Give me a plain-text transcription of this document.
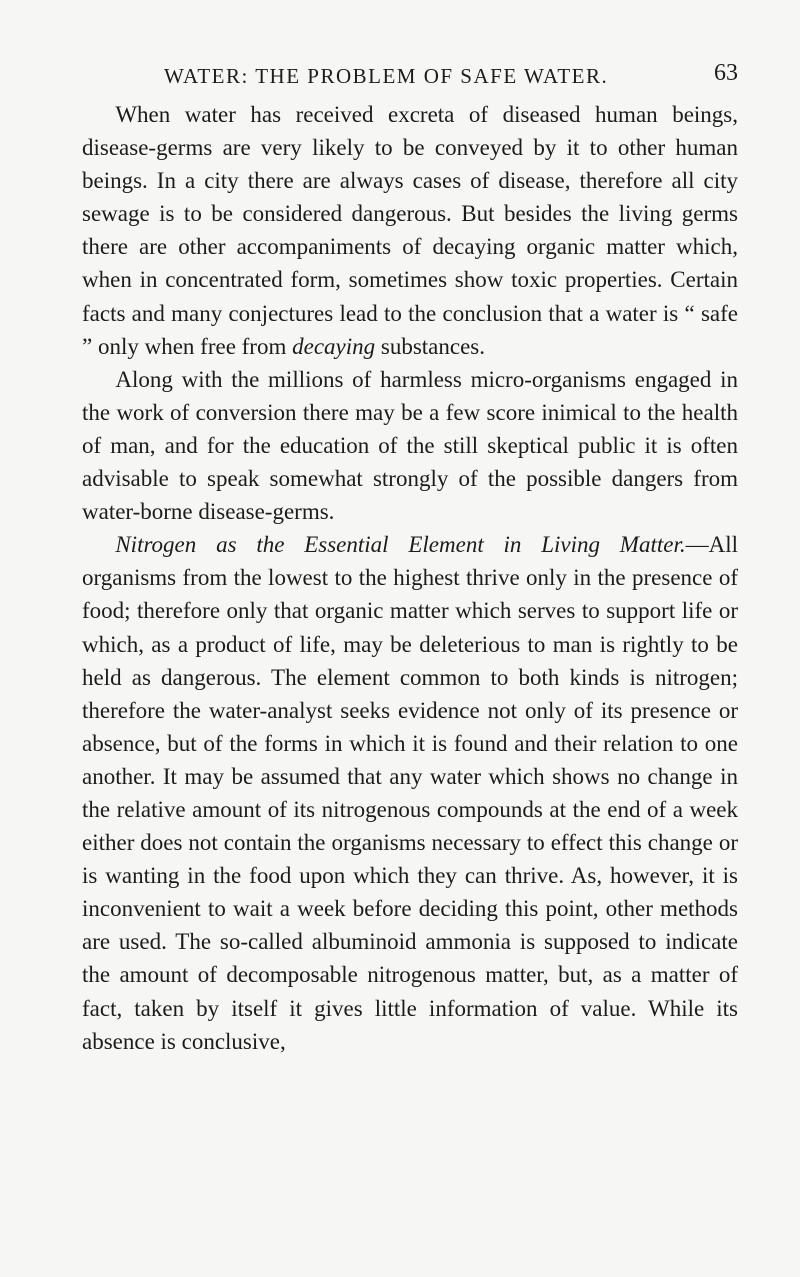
WATER: THE PROBLEM OF SAFE WATER.	63

When water has received excreta of diseased human beings, disease-germs are very likely to be conveyed by it to other human beings. In a city there are always cases of disease, therefore all city sewage is to be considered dangerous. But besides the living germs there are other accompaniments of decaying organic matter which, when in concentrated form, sometimes show toxic properties. Certain facts and many conjectures lead to the conclusion that a water is “ safe ” only when free from decaying substances.

Along with the millions of harmless micro-organisms engaged in the work of conversion there may be a few score inimical to the health of man, and for the education of the still skeptical public it is often advisable to speak somewhat strongly of the possible dangers from water-borne disease-germs.

Nitrogen as the Essential Element in Living Matter.—All organisms from the lowest to the highest thrive only in the presence of food; therefore only that organic matter which serves to support life or which, as a product of life, may be deleterious to man is rightly to be held as dangerous. The element common to both kinds is nitrogen; therefore the water-analyst seeks evidence not only of its presence or absence, but of the forms in which it is found and their relation to one another. It may be assumed that any water which shows no change in the relative amount of its nitrogenous compounds at the end of a week either does not contain the organisms necessary to effect this change or is wanting in the food upon which they can thrive. As, however, it is inconvenient to wait a week before deciding this point, other methods are used. The so-called albuminoid ammonia is supposed to indicate the amount of decomposable nitrogenous matter, but, as a matter of fact, taken by itself it gives little information of value. While its absence is conclusive,
